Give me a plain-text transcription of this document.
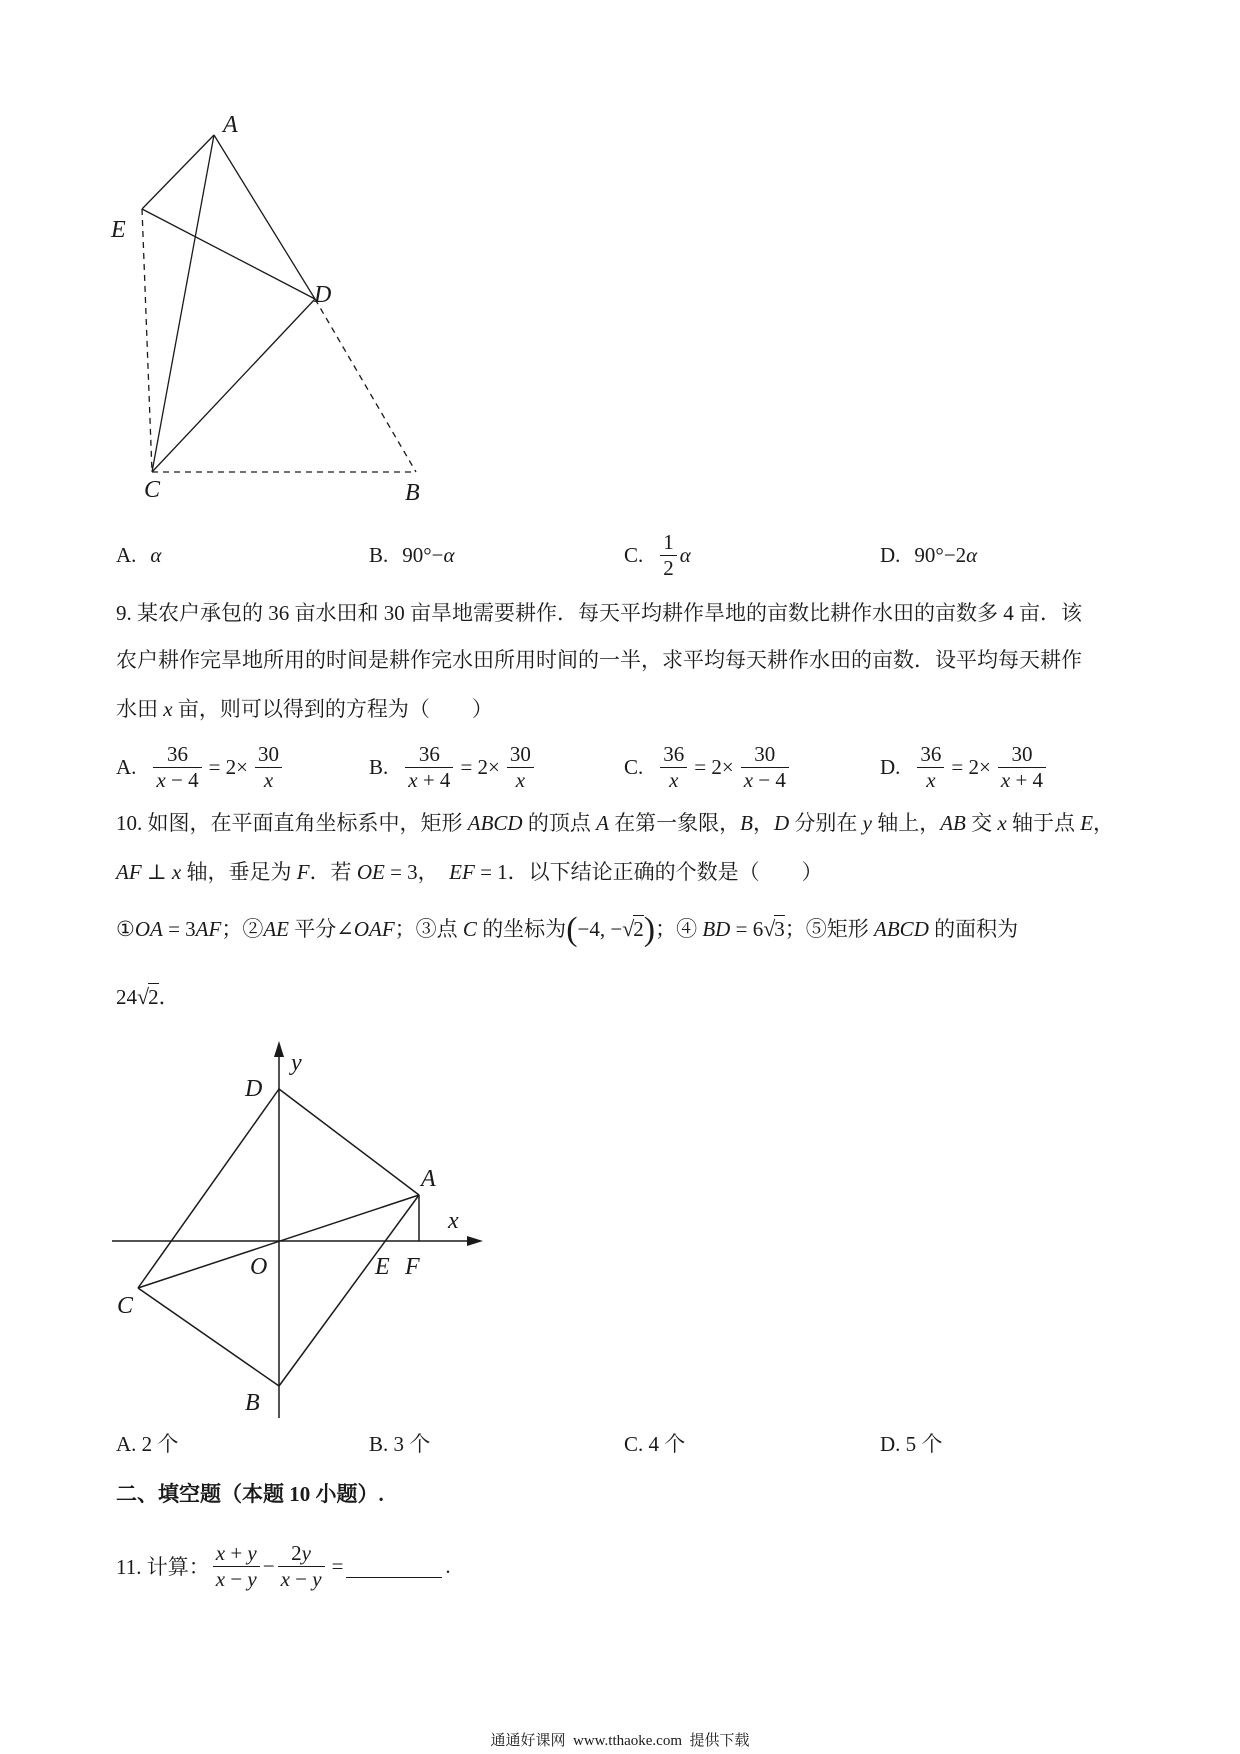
A
E
D
C	B
A. α	B. 90°−α	C. $\frac{1}{2}$ α	D. 90°−2α
9. 某农户承包的 36 亩水田和 30 亩旱地需要耕作．每天平均耕作旱地的亩数比耕作水田的亩数多 4 亩．该
农户耕作完旱地所用的时间是耕作完水田所用时间的一半，求平均每天耕作水田的亩数．设平均每天耕作
水田 x 亩，则可以得到的方程为（　　）
A. $\frac{36}{x - 4} = 2\times \frac{30}{x}$	B. $\frac{36}{x + 4} = 2\times \frac{30}{x}$	C. $\frac{36}{x} = 2\times \frac{30}{x - 4}$	D. $\frac{36}{x} = 2\times \frac{30}{x + 4}$
10. 如图，在平面直角坐标系中，矩形 ABCD 的顶点 A 在第一象限，B，D 分别在 y 轴上，AB 交 x 轴于点 E，
AF ⊥ x 轴，垂足为 F．若 OE = 3，　EF = 1．以下结论正确的个数是（　　）
①OA = 3AF；②AE 平分∠OAF；③点 C 的坐标为(−4, −√2)；④ BD = 6√3；⑤矩形 ABCD 的面积为
24√2．
y
D
A
x
O	E F
C
B
A. 2 个	B. 3 个	C. 4 个	D. 5 个
二、填空题（本题 10 小题）.
11. 计算： $\frac{x + y}{x - y} - \frac{2y}{x - y}$ =	.
通通好课网  www.tthaoke.com  提供下载
